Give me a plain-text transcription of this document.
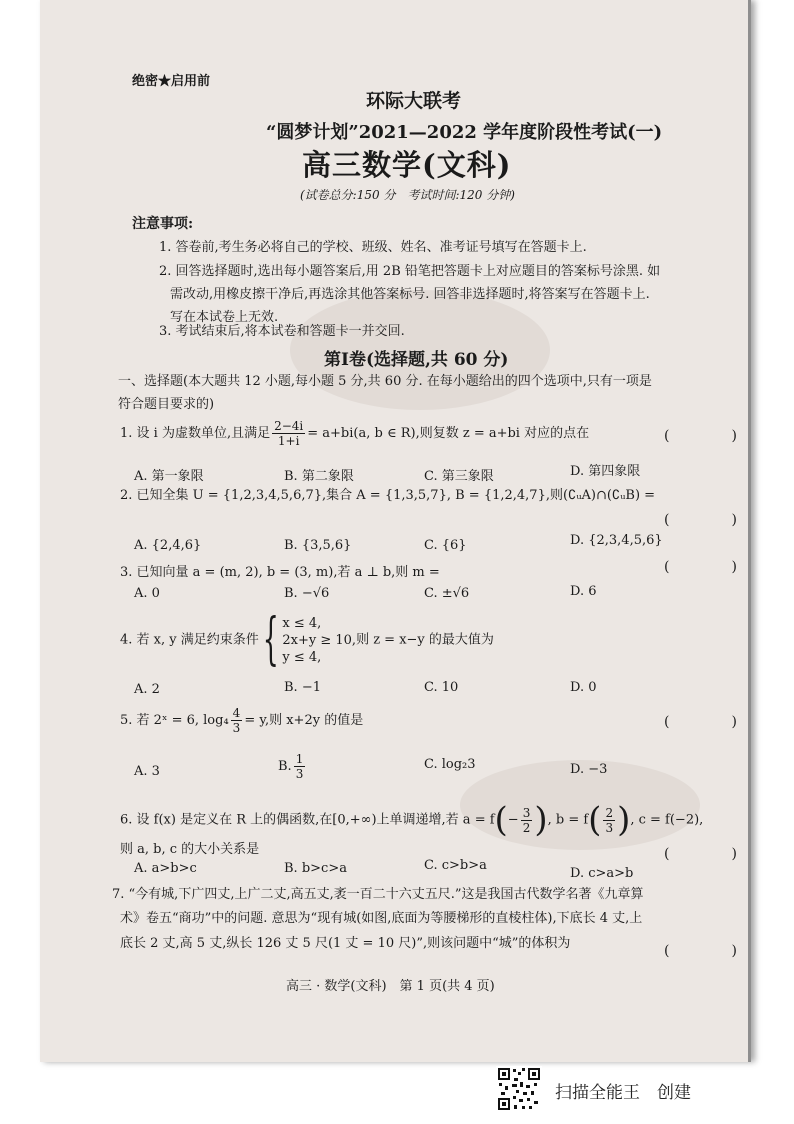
绝密★启用前
环际大联考
“圆梦计划”2021—2022 学年度阶段性考试(一)
高三数学(文科)
(试卷总分:150 分　考试时间:120 分钟)
注意事项:
1. 答卷前,考生务必将自己的学校、班级、姓名、准考证号填写在答题卡上.
2. 回答选择题时,选出每小题答案后,用 2B 铅笔把答题卡上对应题目的答案标号涂黑. 如
需改动,用橡皮擦干净后,再选涂其他答案标号. 回答非选择题时,将答案写在答题卡上.
写在本试卷上无效.
3. 考试结束后,将本试卷和答题卡一并交回.
第Ⅰ卷(选择题,共 60 分)
一、选择题(本大题共 12 小题,每小题 5 分,共 60 分. 在每小题给出的四个选项中,只有一项是
符合题目要求的)
1. 设 i 为虚数单位,且满足 $\frac{2-4i}{1+i} = a+bi(a$, b ∈ R),则复数 z = a+bi 对应的点在	(　)
A. 第一象限	B. 第二象限	C. 第三象限	D. 第四象限
2. 已知全集 U = {1,2,3,4,5,6,7},集合 A = {1,3,5,7}, B = {1,2,4,7},则(∁ᵤA)∩(∁ᵤB) =
(　)
A. {2,4,6}	B. {3,5,6}	C. {6}	D. {2,3,4,5,6}
3. 已知向量 a = (m, 2), b = (3, m),若 a ⊥ b,则 m =	(　)
A. 0	B. −√6	C. ±√6	D. 6
4. 若 x, y 满足约束条件{ x ≤ 4,
2x+y ≥ 10,
y ≤ 4,
则 z = x−y 的最大值为
A. 2	B. −1	C. 10	D. 0
5. 若 2ˣ = 6, $\log_4 \frac{4}{3} = y$,则 x+2y 的值是	(　)
A. 3	B. $\frac{1}{3}$	C. log₂3	D. −3
6. 设 f(x) 是定义在 R 上的偶函数,在[0,+∞)上单调递增,若 $a = f(- \frac{3}{2}$ ), $b = f( \frac{2}{3}$ ), c = f(−2),
则 a, b, c 的大小关系是	(　)
A. a>b>c	B. b>c>a	C. c>b>a
D. c>a>b
7. “今有城,下广四丈,上广二丈,高五丈,袤一百二十六丈五尺.”这是我国古代数学名著《九章算
术》卷五“商功”中的问题. 意思为“现有城(如图,底面为等腰梯形的直棱柱体),下底长 4 丈,上
底长 2 丈,高 5 丈,纵长 126 丈 5 尺(1 丈 = 10 尺)”,则该问题中“城”的体积为	(　)
高三 · 数学(文科)　第 1 页(共 4 页)
扫描全能王　创建
